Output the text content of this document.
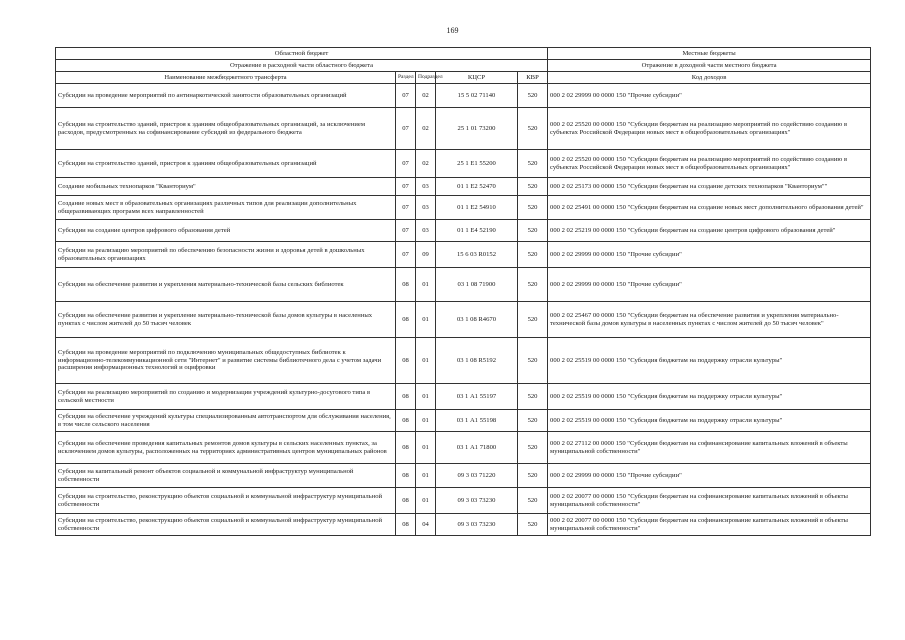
169
Областной бюджет					Местные бюджеты
Отражение в расходной части областного бюджета					Отражение в доходной части местного бюджета
Наименование межбюджетного трансферта	Раздел	Подраздел	КЦСР	КВР	Код доходов
Субсидии на проведение мероприятий по антинаркотической занятости образовательных организаций	07	02	15 5 02 71140	520	000 2 02 29999 00 0000 150 "Прочие субсидии"
Субсидии на строительство зданий, пристроя к зданиям общеобразовательных организаций, за исключением расходов, предусмотренных на софинансирование субсидий из федерального бюджета	07	02	25 1 01 73200	520	000 2 02 25520 00 0000 150 "Субсидии бюджетам на реализацию мероприятий по содействию созданию в субъектах Российской Федерации новых мест в общеобразовательных организациях"
Субсидии на строительство зданий, пристроя к зданиям общеобразовательных организаций	07	02	25 1 Е1 55200	520	000 2 02 25520 00 0000 150 "Субсидии бюджетам на реализацию мероприятий по содействию созданию в субъектах Российской Федерации новых мест в общеобразовательных организациях"
Создание мобильных технопарков "Кванториум"	07	03	01 1 Е2 52470	520	000 2 02 25173 00 0000 150 "Субсидии бюджетам на создание детских технопарков "Кванториум""
Создание новых мест в образовательных организациях различных типов для реализации дополнительных общеразвивающих программ всех направленностей	07	03	01 1 Е2 54910	520	000 2 02 25491 00 0000 150 "Субсидии бюджетам на создание новых мест дополнительного образования детей"
Субсидии на создание центров цифрового образования детей	07	03	01 1 Е4 52190	520	000 2 02 25219 00 0000 150 "Субсидии бюджетам на создание центров цифрового образования детей"
Субсидии на реализацию мероприятий по обеспечению безопасности жизни и здоровья детей в дошкольных образовательных организациях	07	09	15 6 03 R0152	520	000 2 02 29999 00 0000 150 "Прочие субсидии"
Субсидии на обеспечение развития и укрепления материально-технической базы сельских библиотек	08	01	03 1 08 71900	520	000 2 02 29999 00 0000 150 "Прочие субсидии"
Субсидии на обеспечение развития и укрепление материально-технической базы домов культуры в населенных пунктах с числом жителей до 50 тысяч человек	08	01	03 1 08 R4670	520	000 2 02 25467 00 0000 150 "Субсидии бюджетам на обеспечение развития и укрепления материально-технической базы домов культуры в населенных пунктах с числом жителей до 50 тысяч человек"
Субсидии на проведение мероприятий по подключению муниципальных общедоступных библиотек к информационно-телекоммуникационной сети "Интернет" и развитие системы библиотечного дела с учетом задачи расширения информационных технологий и оцифровки	08	01	03 1 08 R5192	520	000 2 02 25519 00 0000 150 "Субсидия бюджетам на поддержку отрасли культуры"
Субсидии на реализацию мероприятий по созданию и модернизации учреждений культурно-досугового типа в сельской местности	08	01	03 1 А1 55197	520	000 2 02 25519 00 0000 150 "Субсидия бюджетам на поддержку отрасли культуры"
Субсидии на обеспечение учреждений культуры специализированным автотранспортом для обслуживания населения, в том числе сельского населения	08	01	03 1 А1 55198	520	000 2 02 25519 00 0000 150 "Субсидия бюджетам на поддержку отрасли культуры"
Субсидии на обеспечение проведения капитальных ремонтов домов культуры в сельских населенных пунктах, за исключением домов культуры, расположенных на территориях административных центров муниципальных районов	08	01	03 1 А1 71800	520	000 2 02 27112 00 0000 150 "Субсидии бюджетам на софинансирование капитальных вложений в объекты муниципальной собственности"
Субсидии на капитальный ремонт объектов социальной и коммунальной инфраструктур муниципальной собственности	08	01	09 3 03 71220	520	000 2 02 29999 00 0000 150 "Прочие субсидии"
Субсидии на строительство, реконструкцию объектов социальной и коммунальной инфраструктур муниципальной собственности	08	01	09 3 03 73230	520	000 2 02 20077 00 0000 150 "Субсидии бюджетам на софинансирование капитальных вложений в объекты муниципальной собственности"
Субсидии на строительство, реконструкцию объектов социальной и коммунальной инфраструктур муниципальной собственности	08	04	09 3 03 73230	520	000 2 02 20077 00 0000 150 "Субсидии бюджетам на софинансирование капитальных вложений в объекты муниципальной собственности"
